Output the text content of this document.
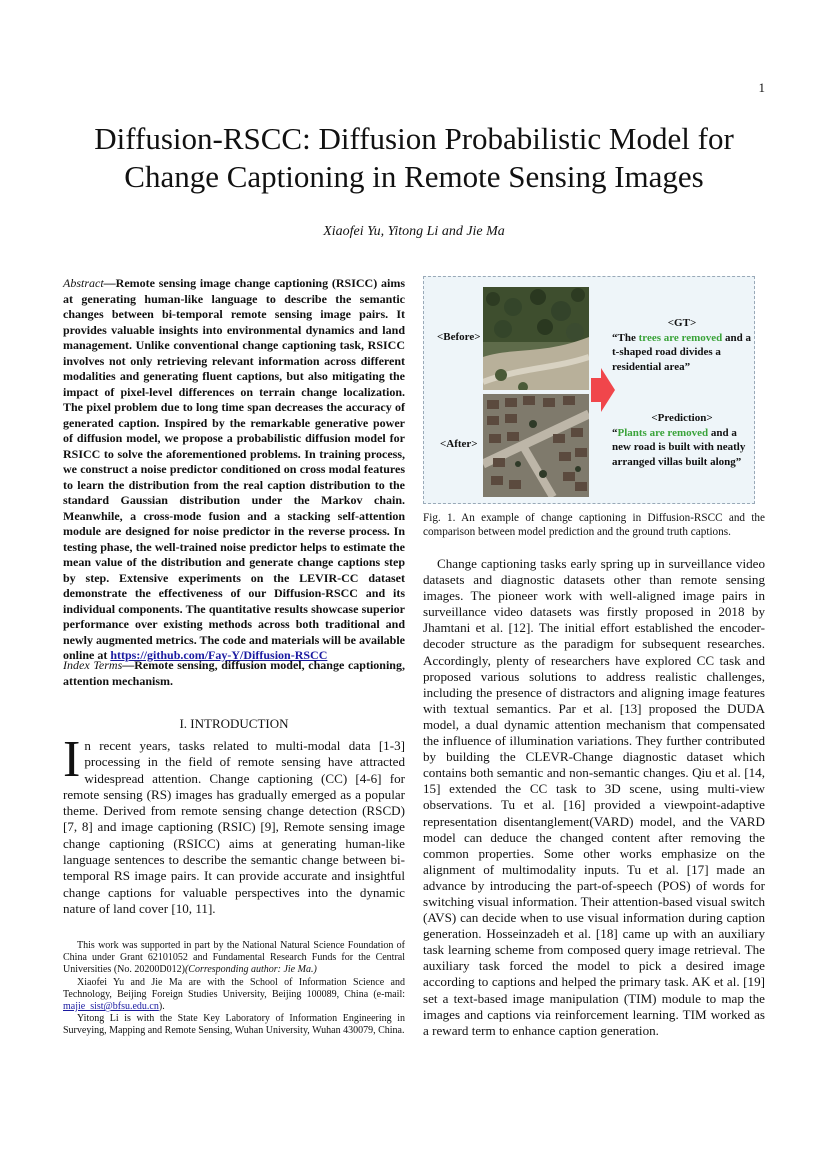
1
Diffusion-RSCC: Diffusion Probabilistic Model for
Change Captioning in Remote Sensing Images
Xiaofei Yu, Yitong Li and Jie Ma
Abstract—Remote sensing image change captioning (RSICC) aims at generating human-like language to describe the semantic changes between bi-temporal remote sensing image pairs. It provides valuable insights into environmental dynamics and land management. Unlike conventional change captioning task, RSICC involves not only retrieving relevant information across different modalities and generating fluent captions, but also mitigating the impact of pixel-level differences on terrain change localization. The pixel problem due to long time span decreases the accuracy of generated caption. Inspired by the remarkable generative power of diffusion model, we propose a probabilistic diffusion model for RSICC to solve the aforementioned problems. In training process, we construct a noise predictor conditioned on cross modal features to learn the distribution from the real caption distribution to the standard Gaussian distribution under the Markov chain. Meanwhile, a cross-mode fusion and a stacking self-attention module are designed for noise predictor in the reverse process. In testing phase, the well-trained noise predictor helps to estimate the mean value of the distribution and generate change captions step by step. Extensive experiments on the LEVIR-CC dataset demonstrate the effectiveness of our Diffusion-RSCC and its individual components. The quantitative results showcase superior performance over existing methods across both traditional and newly augmented metrics. The code and materials will be available online at https://github.com/Fay-Y/Diffusion-RSCC
Index Terms—Remote sensing, diffusion model, change captioning, attention mechanism.
I. INTRODUCTION
In recent years, tasks related to multi-modal data [1-3] processing in the field of remote sensing have attracted widespread attention. Change captioning (CC) [4-6] for remote sensing (RS) images has gradually emerged as a popular theme. Derived from remote sensing change detection (RSCD) [7, 8] and image captioning (RSIC) [9], Remote sensing image change captioning (RSICC) aims at generating human-like language sentences to describe the semantic change between bi-temporal RS image pairs. It can provide accurate and insightful change captions for valuable perspectives into the dynamic nature of land cover [10, 11].

This work was supported in part by the National Natural Science Foundation of China under Grant 62101052 and Fundamental Research Funds for the Central Universities (No. 20200D012)(Corresponding author: Jie Ma.)

Xiaofei Yu and Jie Ma are with the School of Information Science and Technology, Beijing Foreign Studies University, Beijing 100089, China (e-mail: majie_sist@bfsu.edu.cn).

Yitong Li is with the State Key Laboratory of Information Engineering in Surveying, Mapping and Remote Sensing, Wuhan University, Wuhan 430079, China.

<Before>
<After>
<GT>
“The trees are removed and a t-shaped road divides a residential area”
<Prediction>
“Plants are removed and a new road is built with neatly arranged villas built along”
Fig. 1. An example of change captioning in Diffusion-RSCC and the comparison between model prediction and the ground truth captions.

Change captioning tasks early spring up in surveillance video datasets and diagnostic datasets other than remote sensing images. The pioneer work with well-aligned image pairs in surveillance video datasets was firstly proposed in 2018 by Jhamtani et al. [12]. The initial effort established the encoder-decoder structure as the paradigm for subsequent researches. Accordingly, plenty of researchers have explored CC task and proposed various solutions to address realistic challenges, including the presence of distractors and aligning image features with textual semantics. Par et al. [13] proposed the DUDA model, a dual dynamic attention mechanism that compensated the influence of illumination variations. They further contributed by building the CLEVR-Change diagnostic dataset which contains both semantic and non-semantic changes. Qiu et al. [14, 15] extended the CC task to 3D scene, using multi-view observations. Tu et al. [16] provided a viewpoint-adaptive representation disentanglement(VARD) model, and the VARD model can deduce the changed content after removing the common properties. Some other works emphasize on the alignment of multimodality inputs. Tu et al. [17] made an advance by introducing the part-of-speech (POS) of words for switching visual information. Their attention-based visual switch (AVS) can decide when to use visual information during caption generation. Hosseinzadeh et al. [18] came up with an auxiliary task learning scheme from composed query image retrieval. The auxiliary task forced the model to pick a desired image according to captions and helped the primary task. AK et al. [19] set a text-based image manipulation (TIM) module to map the images and captions via reinforcement learning. TIM worked as a reward term to enhance caption generation.
